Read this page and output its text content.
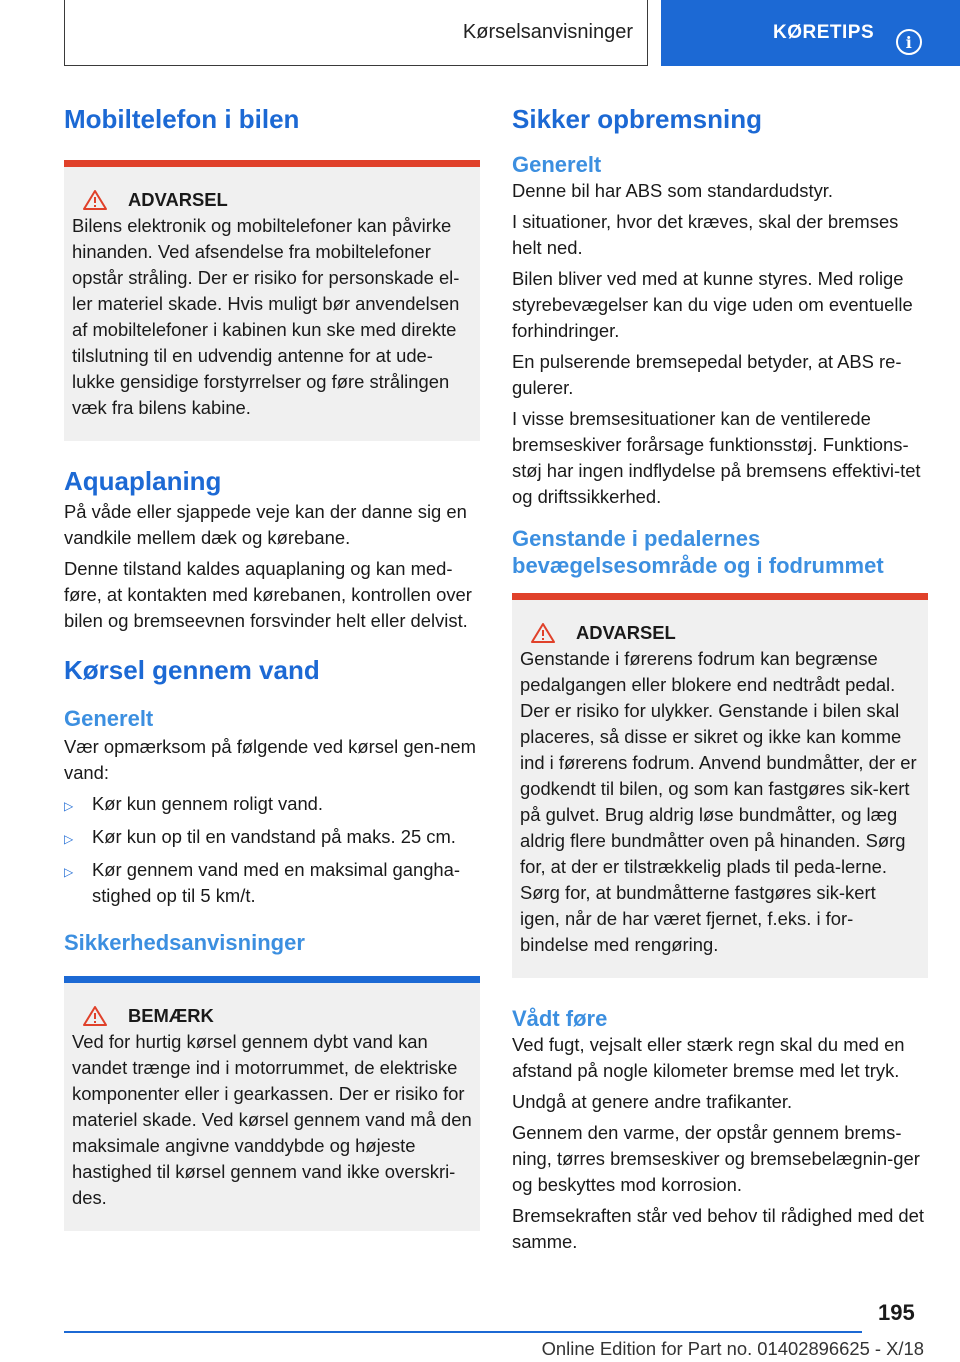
Kørselsanvisninger	KØRETIPS	i
Mobiltelefon i bilen
ADVARSEL

Bilens elektronik og mobiltelefoner kan påvirke hinanden. Ved afsendelse fra mobiltelefoner opstår stråling. Der er risiko for personskade el-ler materiel skade. Hvis muligt bør anvendelsen af mobiltelefoner i kabinen kun ske med direkte tilslutning til en udvendig antenne for at ude-lukke gensidige forstyrrelser og føre strålingen væk fra bilens kabine.

Aquaplaning

På våde eller sjappede veje kan der danne sig en vandkile mellem dæk og kørebane.

Denne tilstand kaldes aquaplaning og kan med-føre, at kontakten med kørebanen, kontrollen over bilen og bremseevnen forsvinder helt eller delvist.

Kørsel gennem vand
Generelt

Vær opmærksom på følgende ved kørsel gen-nem vand:

▷	Kør kun gennem roligt vand.
▷	Kør kun op til en vandstand på maks. 25 cm.
▷	Kør gennem vand med en maksimal gangha-stighed op til 5 km/t.
Sikkerhedsanvisninger
BEMÆRK

Ved for hurtig kørsel gennem dybt vand kan vandet trænge ind i motorrummet, de elektriske komponenter eller i gearkassen. Der er risiko for materiel skade. Ved kørsel gennem vand må den maksimale angivne vanddybde og højeste hastighed til kørsel gennem vand ikke overskri-des.

Sikker opbremsning
Generelt

Denne bil har ABS som standardudstyr.

I situationer, hvor det kræves, skal der bremses helt ned.

Bilen bliver ved med at kunne styres. Med rolige styrebevægelser kan du vige uden om eventuelle forhindringer.

En pulserende bremsepedal betyder, at ABS re-gulerer.

I visse bremsesituationer kan de ventilerede bremseskiver forårsage funktionsstøj. Funktions-støj har ingen indflydelse på bremsens effektivi-tet og driftssikkerhed.

Genstande i pedalernes bevægelsesområde og i fodrummet
ADVARSEL

Genstande i førerens fodrum kan begrænse pedalgangen eller blokere end nedtrådt pedal. Der er risiko for ulykker. Genstande i bilen skal placeres, så disse er sikret og ikke kan komme ind i førerens fodrum. Anvend bundmåtter, der er godkendt til bilen, og som kan fastgøres sik-kert på gulvet. Brug aldrig løse bundmåtter, og læg aldrig flere bundmåtter oven på hinanden. Sørg for, at der er tilstrækkelig plads til peda-lerne. Sørg for, at bundmåtterne fastgøres sik-kert igen, når de har været fjernet, f.eks. i for-bindelse med rengøring.

Vådt føre

Ved fugt, vejsalt eller stærk regn skal du med en afstand på nogle kilometer bremse med let tryk.

Undgå at genere andre trafikanter.

Gennem den varme, der opstår gennem brems-ning, tørres bremseskiver og bremsebelægnin-ger og beskyttes mod korrosion.

Bremsekraften står ved behov til rådighed med det samme.

195
Online Edition for Part no. 01402896625 - X/18
